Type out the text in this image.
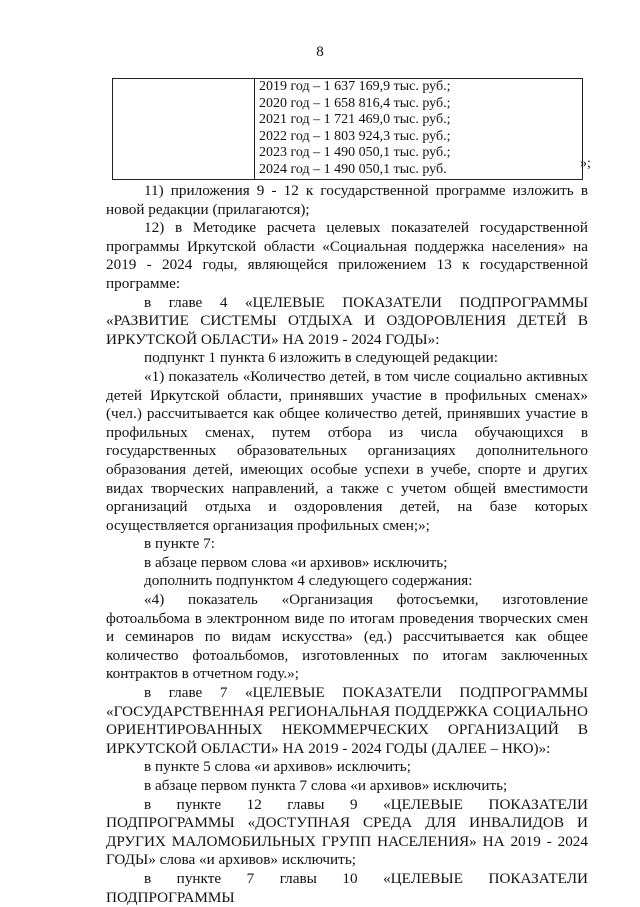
8

2019 год – 1 637 169,9 тыс. руб.;
2020 год – 1 658 816,4 тыс. руб.;
2021 год – 1 721 469,0 тыс. руб.;
2022 год – 1 803 924,3 тыс. руб.;
2023 год – 1 490 050,1 тыс. руб.;
2024 год – 1 490 050,1 тыс. руб.	»;

11) приложения 9 - 12 к государственной программе изложить в новой редакции (прилагаются);

12) в Методике расчета целевых показателей государственной программы Иркутской области «Социальная поддержка населения» на 2019 - 2024 годы, являющейся приложением 13 к государственной программе:

в главе 4 «ЦЕЛЕВЫЕ ПОКАЗАТЕЛИ ПОДПРОГРАММЫ «РАЗВИТИЕ СИСТЕМЫ ОТДЫХА И ОЗДОРОВЛЕНИЯ ДЕТЕЙ В ИРКУТСКОЙ ОБЛАСТИ» НА 2019 - 2024 ГОДЫ»:

подпункт 1 пункта 6 изложить в следующей редакции:

«1) показатель «Количество детей, в том числе социально активных детей Иркутской области, принявших участие в профильных сменах» (чел.) рассчитывается как общее количество детей, принявших участие в профильных сменах, путем отбора из числа обучающихся в государственных образовательных организациях дополнительного образования детей, имеющих особые успехи в учебе, спорте и других видах творческих направлений, а также с учетом общей вместимости организаций отдыха и оздоровления детей, на базе которых осуществляется организация профильных смен;»;

в пункте 7:

в абзаце первом слова «и архивов» исключить;

дополнить подпунктом 4 следующего содержания:

«4) показатель «Организация фотосъемки, изготовление фотоальбома в электронном виде по итогам проведения творческих смен и семинаров по видам искусства» (ед.) рассчитывается как общее количество фотоальбомов, изготовленных по итогам заключенных контрактов в отчетном году.»;

в главе 7 «ЦЕЛЕВЫЕ ПОКАЗАТЕЛИ ПОДПРОГРАММЫ «ГОСУДАРСТВЕННАЯ РЕГИОНАЛЬНАЯ ПОДДЕРЖКА СОЦИАЛЬНО ОРИЕНТИРОВАННЫХ НЕКОММЕРЧЕСКИХ ОРГАНИЗАЦИЙ В ИРКУТСКОЙ ОБЛАСТИ» НА 2019 - 2024 ГОДЫ (ДАЛЕЕ – НКО)»:

в пункте 5 слова «и архивов» исключить;

в абзаце первом пункта 7 слова «и архивов» исключить;

в пункте 12 главы 9 «ЦЕЛЕВЫЕ ПОКАЗАТЕЛИ ПОДПРОГРАММЫ «ДОСТУПНАЯ СРЕДА ДЛЯ ИНВАЛИДОВ И ДРУГИХ МАЛОМОБИЛЬНЫХ ГРУПП НАСЕЛЕНИЯ» НА 2019 - 2024 ГОДЫ» слова «и архивов» исключить;

в пункте 7 главы 10 «ЦЕЛЕВЫЕ ПОКАЗАТЕЛИ ПОДПРОГРАММЫ
